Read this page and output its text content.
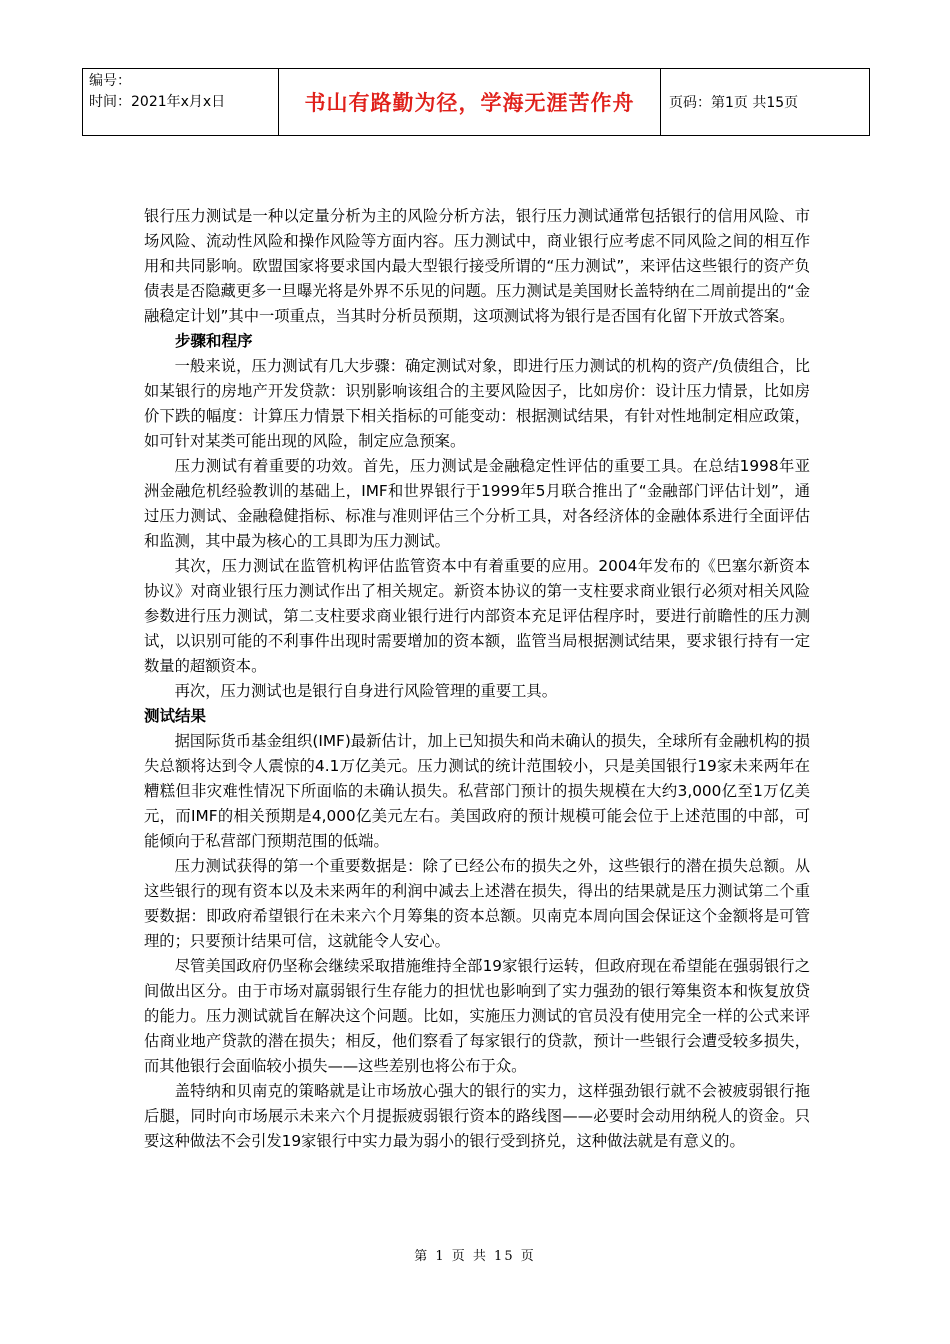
编号：
时间：2021年x月x日	书山有路勤为径，学海无涯苦作舟 页码：第1页 共15页

银行压力测试是一种以定量分析为主的风险分析方法，银行压力测试通常包括银行的信用风险、市场风险、流动性风险和操作风险等方面内容。压力测试中，商业银行应考虑不同风险之间的相互作用和共同影响。欧盟国家将要求国内最大型银行接受所谓的“压力测试”，来评估这些银行的资产负债表是否隐藏更多一旦曝光将是外界不乐见的问题。压力测试是美国财长盖特纳在二周前提出的“金融稳定计划”其中一项重点，当其时分析员预期，这项测试将为银行是否国有化留下开放式答案。

步骤和程序

一般来说，压力测试有几大步骤：确定测试对象，即进行压力测试的机构的资产/负债组合，比如某银行的房地产开发贷款：识别影响该组合的主要风险因子，比如房价：设计压力情景，比如房价下跌的幅度：计算压力情景下相关指标的可能变动：根据测试结果，有针对性地制定相应政策，如可针对某类可能出现的风险，制定应急预案。

压力测试有着重要的功效。首先，压力测试是金融稳定性评估的重要工具。在总结1998年亚洲金融危机经验教训的基础上，IMF和世界银行于1999年5月联合推出了“金融部门评估计划”，通过压力测试、金融稳健指标、标准与准则评估三个分析工具，对各经济体的金融体系进行全面评估和监测，其中最为核心的工具即为压力测试。

其次，压力测试在监管机构评估监管资本中有着重要的应用。2004年发布的《巴塞尔新资本协议》对商业银行压力测试作出了相关规定。新资本协议的第一支柱要求商业银行必须对相关风险参数进行压力测试，第二支柱要求商业银行进行内部资本充足评估程序时，要进行前瞻性的压力测试，以识别可能的不利事件出现时需要增加的资本额，监管当局根据测试结果，要求银行持有一定数量的超额资本。

再次，压力测试也是银行自身进行风险管理的重要工具。

测试结果

据国际货币基金组织(IMF)最新估计，加上已知损失和尚未确认的损失，全球所有金融机构的损失总额将达到令人震惊的4.1万亿美元。压力测试的统计范围较小，只是美国银行19家未来两年在糟糕但非灾难性情况下所面临的未确认损失。私营部门预计的损失规模在大约3,000亿至1万亿美元，而IMF的相关预期是4,000亿美元左右。美国政府的预计规模可能会位于上述范围的中部，可能倾向于私营部门预期范围的低端。

压力测试获得的第一个重要数据是：除了已经公布的损失之外，这些银行的潜在损失总额。从这些银行的现有资本以及未来两年的利润中减去上述潜在损失，得出的结果就是压力测试第二个重要数据：即政府希望银行在未来六个月筹集的资本总额。贝南克本周向国会保证这个金额将是可管理的；只要预计结果可信，这就能令人安心。

尽管美国政府仍坚称会继续采取措施维持全部19家银行运转，但政府现在希望能在强弱银行之间做出区分。由于市场对羸弱银行生存能力的担忧也影响到了实力强劲的银行筹集资本和恢复放贷的能力。压力测试就旨在解决这个问题。比如，实施压力测试的官员没有使用完全一样的公式来评估商业地产贷款的潜在损失；相反，他们察看了每家银行的贷款，预计一些银行会遭受较多损失，而其他银行会面临较小损失——这些差别也将公布于众。

盖特纳和贝南克的策略就是让市场放心强大的银行的实力，这样强劲银行就不会被疲弱银行拖后腿，同时向市场展示未来六个月提振疲弱银行资本的路线图——必要时会动用纳税人的资金。只要这种做法不会引发19家银行中实力最为弱小的银行受到挤兑，这种做法就是有意义的。

第 1 页 共 15 页
